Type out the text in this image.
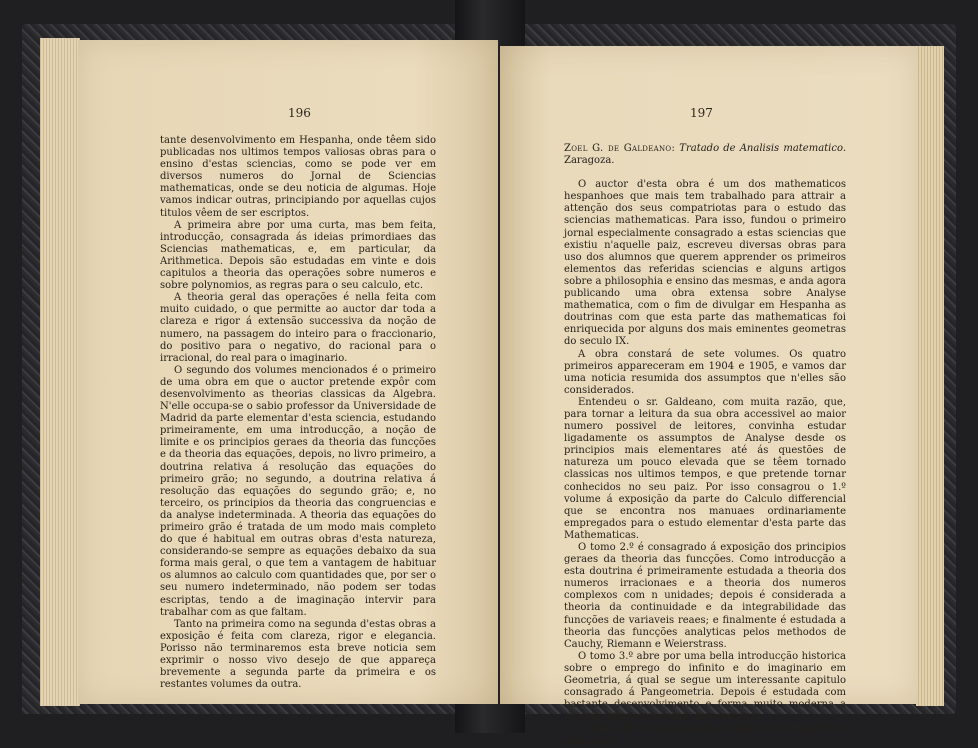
196

tante desenvolvimento em Hespanha, onde têem sido publicadas nos ultimos tempos valiosas obras para o ensino d'estas sciencias, como se pode ver em diversos numeros do Jornal de Sciencias mathematicas, onde se deu noticia de algumas. Hoje vamos indicar outras, principiando por aquellas cujos titulos vêem de ser escriptos.

A primeira abre por uma curta, mas bem feita, introducção, consagrada ás ideias primordiaes das Sciencias mathematicas, e, em particular, da Arithmetica. Depois são estudadas em vinte e dois capitulos a theoria das operações sobre numeros e sobre polynomios, as regras para o seu calculo, etc.

A theoria geral das operações é nella feita com muito cuidado, o que permitte ao auctor dar toda a clareza e rigor á extensão successiva da noção de numero, na passagem do inteiro para o fraccionario, do positivo para o negativo, do racional para o irracional, do real para o imaginario.

O segundo dos volumes mencionados é o primeiro de uma obra em que o auctor pretende expôr com desenvolvimento as theorias classicas da Algebra. N'elle occupa-se o sabio professor da Universidade de Madrid da parte elementar d'esta sciencia, estudando primeiramente, em uma introducção, a noção de limite e os principios geraes da theoria das funcções e da theoria das equações, depois, no livro primeiro, a doutrina relativa á resolução das equações do primeiro grão; no segundo, a doutrina relativa á resolução das equações do segundo grão; e, no terceiro, os principios da theoria das congruencias e da analyse indeterminada. A theoria das equações do primeiro grão é tratada de um modo mais completo do que é habitual em outras obras d'esta natureza, considerando-se sempre as equações debaixo da sua forma mais geral, o que tem a vantagem de habituar os alumnos ao calculo com quantidades que, por ser o seu numero indeterminado, não podem ser todas escriptas, tendo a de imaginação intervir para trabalhar com as que faltam.

Tanto na primeira como na segunda d'estas obras a exposição é feita com clareza, rigor e elegancia. Porisso não terminaremos esta breve noticia sem exprimir o nosso vivo desejo de que appareça brevemente a segunda parte da primeira e os restantes volumes da outra.

197

Zoel G. de Galdeano: Tratado de Analisis matematico. Zaragoza.

O auctor d'esta obra é um dos mathematicos hespanhoes que mais tem trabalhado para attrair a attenção dos seus compatriotas para o estudo das sciencias mathematicas. Para isso, fundou o primeiro jornal especialmente consagrado a estas sciencias que existiu n'aquelle paiz, escreveu diversas obras para uso dos alumnos que querem apprender os primeiros elementos das referidas sciencias e alguns artigos sobre a philosophia e ensino das mesmas, e anda agora publicando uma obra extensa sobre Analyse mathematica, com o fim de divulgar em Hespanha as doutrinas com que esta parte das mathematicas foi enriquecida por alguns dos mais eminentes geometras do seculo IX.

A obra constará de sete volumes. Os quatro primeiros appareceram em 1904 e 1905, e vamos dar uma noticia resumida dos assumptos que n'elles são considerados.

Entendeu o sr. Galdeano, com muita razão, que, para tornar a leitura da sua obra accessivel ao maior numero possivel de leitores, convinha estudar ligadamente os assumptos de Analyse desde os principios mais elementares até ás questões de natureza um pouco elevada que se têem tornado classicas nos ultimos tempos, e que pretende tornar conhecidos no seu paiz. Por isso consagrou o 1.º volume á exposição da parte do Calculo differencial que se encontra nos manuaes ordinariamente empregados para o estudo elementar d'esta parte das Mathematicas.

O tomo 2.º é consagrado á exposição dos principios geraes da theoria das funcções. Como introducção a esta doutrina é primeiramente estudada a theoria dos numeros irracionaes e a theoria dos numeros complexos com n unidades; depois é considerada a theoria da continuidade e da integrabilidade das funcções de variaveis reaes; e finalmente é estudada a theoria das funcções analyticas pelos methodos de Cauchy, Riemann e Weierstrass.

O tomo 3.º abre por uma bella introducção historica sobre o emprego do infinito e do imaginario em Geometria, á qual se segue um interessante capitulo consagrado á Pangeometria. Depois é estudada com bastante desenvolvimento e forma muito moderna a theoria infinitesimal das curvas planas.

O tomo 4.º é consagrado ao Calculo integral e ás suas appli-
